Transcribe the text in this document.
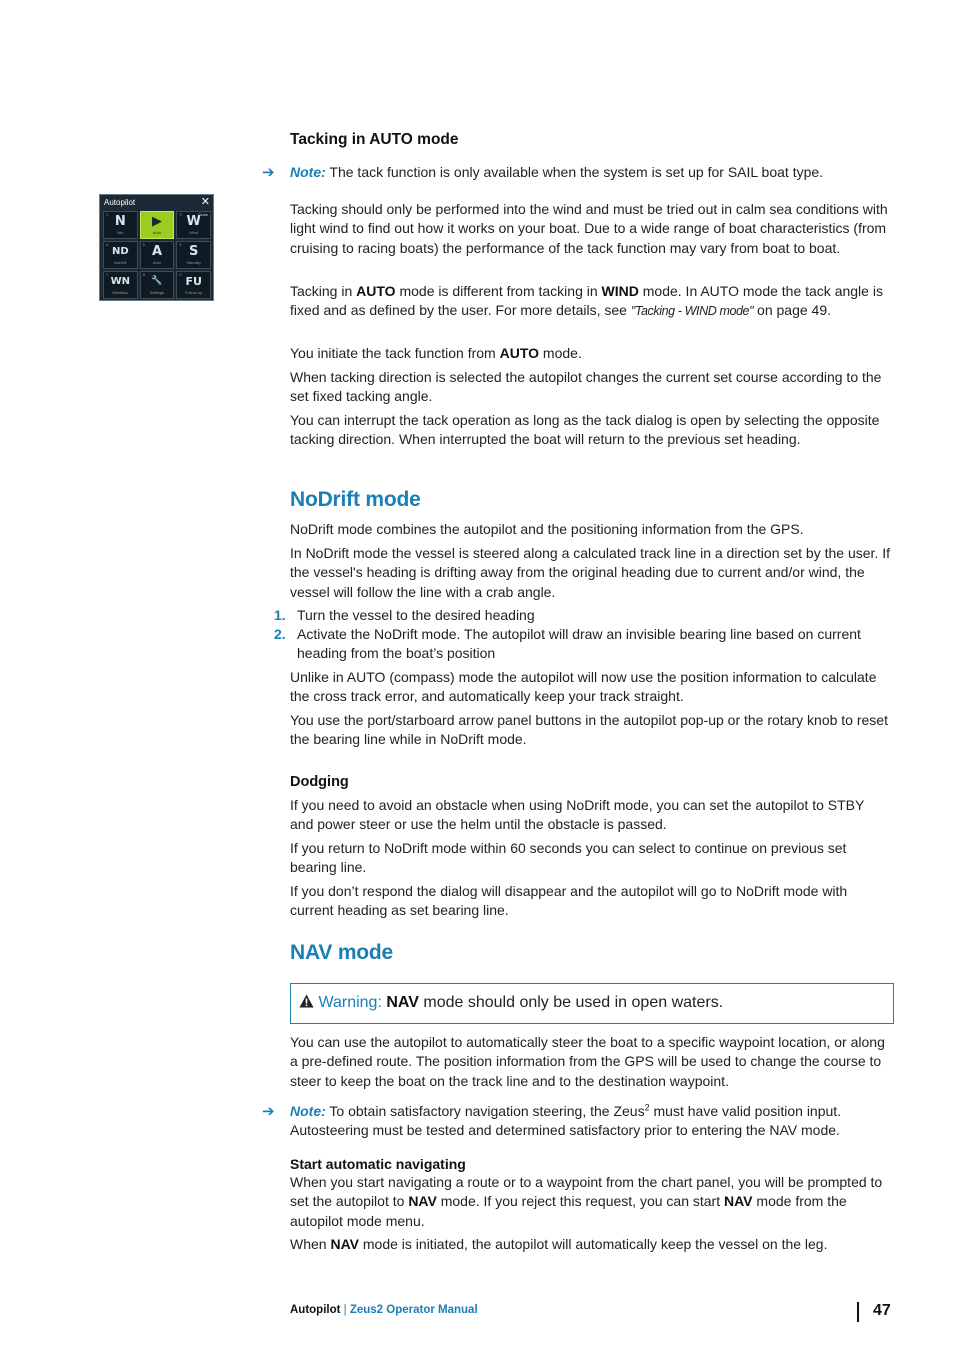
Tacking in AUTO mode
➔ Note: The tack function is only available when the system is set up for SAIL boat type.

Autopilot	✕
1 N
Nfu
2 ▶
Auto
3	Close
W
Wind
4
ND
NoDrift
5 A
Auto
6 S
Standby
7
WN
WindNav
8
🔧
Settings
9
FU
Follow-up

Tacking should only be performed into the wind and must be tried out in calm sea conditions with light wind to find out how it works on your boat. Due to a wide range of boat characteristics (from cruising to racing boats) the performance of the tack function may vary from boat to boat.

Tacking in AUTO mode is different from tacking in WIND mode. In AUTO mode the tack angle is fixed and as defined by the user. For more details, see "Tacking - WIND mode" on page 49.

You initiate the tack function from AUTO mode.

When tacking direction is selected the autopilot changes the current set course according to the set fixed tacking angle.

You can interrupt the tack operation as long as the tack dialog is open by selecting the opposite tacking direction. When interrupted the boat will return to the previous set heading.

NoDrift mode

NoDrift mode combines the autopilot and the positioning information from the GPS.

In NoDrift mode the vessel is steered along a calculated track line in a direction set by the user. If the vessel's heading is drifting away from the original heading due to current and/or wind, the vessel will follow the line with a crab angle.

1. Turn the vessel to the desired heading

2. Activate the NoDrift mode. The autopilot will draw an invisible bearing line based on current heading from the boat’s position

Unlike in AUTO (compass) mode the autopilot will now use the position information to calculate the cross track error, and automatically keep your track straight.

You use the port/starboard arrow panel buttons in the autopilot pop-up or the rotary knob to reset the bearing line while in NoDrift mode.

Dodging

If you need to avoid an obstacle when using NoDrift mode, you can set the autopilot to STBY and power steer or use the helm until the obstacle is passed.

If you return to NoDrift mode within 60 seconds you can select to continue on previous set bearing line.

If you don’t respond the dialog will disappear and the autopilot will go to NoDrift mode with current heading as set bearing line.

NAV mode
Warning: NAV mode should only be used in open waters.

You can use the autopilot to automatically steer the boat to a specific waypoint location, or along a pre-defined route. The position information from the GPS will be used to change the course to steer to keep the boat on the track line and to the destination waypoint.

➔ Note: To obtain satisfactory navigation steering, the Zeus$^2$ must have valid position input. Autosteering must be tested and determined satisfactory prior to entering the NAV mode.

Start automatic navigating

When you start navigating a route or to a waypoint from the chart panel, you will be prompted to set the autopilot to NAV mode. If you reject this request, you can start NAV mode from the autopilot mode menu.

When NAV mode is initiated, the autopilot will automatically keep the vessel on the leg.

Autopilot | Zeus2 Operator Manual	47
